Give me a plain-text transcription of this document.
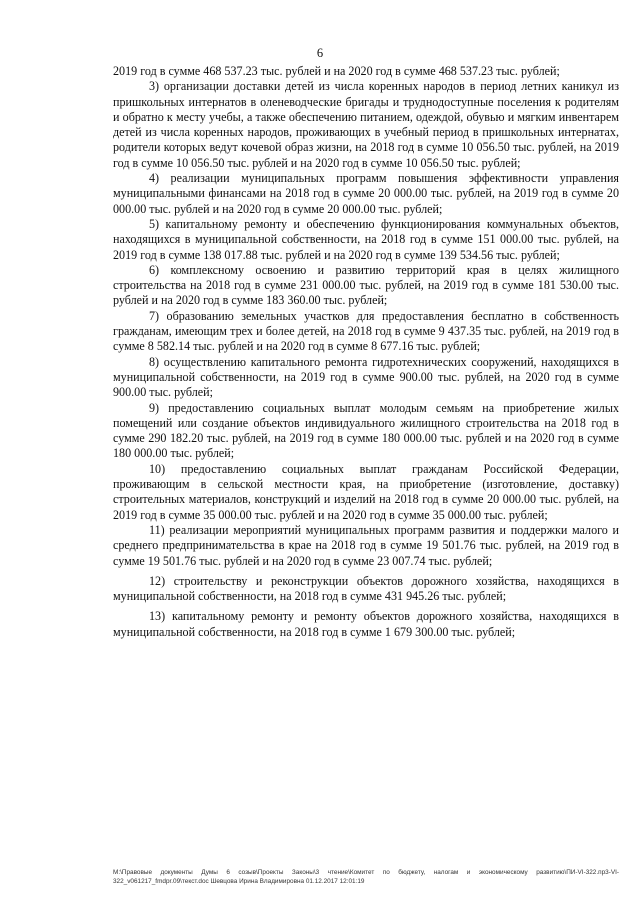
6

2019 год в сумме 468 537.23 тыс. рублей и на 2020 год в сумме 468 537.23 тыс. рублей;

3) организации доставки детей из числа коренных народов в период летних каникул из пришкольных интернатов в оленеводческие бригады и труднодоступные поселения к родителям и обратно к месту учебы, а также обеспечению питанием, одеждой, обувью и мягким инвентарем детей из числа коренных народов, проживающих в учебный период в пришкольных интернатах, родители которых ведут кочевой образ жизни, на 2018 год в сумме 10 056.50 тыс. рублей, на 2019 год в сумме 10 056.50 тыс. рублей и на 2020 год в сумме 10 056.50 тыс. рублей;

4) реализации муниципальных программ повышения эффективности управления муниципальными финансами на 2018 год в сумме 20 000.00 тыс. рублей, на 2019 год в сумме 20 000.00 тыс. рублей и на 2020 год в сумме 20 000.00 тыс. рублей;

5) капитальному ремонту и обеспечению функционирования коммунальных объектов, находящихся в муниципальной собственности, на 2018 год в сумме 151 000.00 тыс. рублей, на 2019 год в сумме 138 017.88 тыс. рублей и на 2020 год в сумме 139 534.56 тыс. рублей;

6) комплексному освоению и развитию территорий края в целях жилищного строительства на 2018 год в сумме 231 000.00 тыс. рублей, на 2019 год в сумме 181 530.00 тыс. рублей и на 2020 год в сумме 183 360.00 тыс. рублей;

7) образованию земельных участков для предоставления бесплатно в собственность гражданам, имеющим трех и более детей, на 2018 год в сумме 9 437.35 тыс. рублей, на 2019 год в сумме 8 582.14 тыс. рублей и на 2020 год в сумме 8 677.16 тыс. рублей;

8) осуществлению капитального ремонта гидротехнических сооружений, находящихся в муниципальной собственности, на 2019 год в сумме 900.00 тыс. рублей, на 2020 год в сумме 900.00 тыс. рублей;

9) предоставлению социальных выплат молодым семьям на приобретение жилых помещений или создание объектов индивидуального жилищного строительства на 2018 год в сумме 290 182.20 тыс. рублей, на 2019 год в сумме 180 000.00 тыс. рублей и на 2020 год в сумме 180 000.00 тыс. рублей;

10) предоставлению социальных выплат гражданам Российской Федерации, проживающим в сельской местности края, на приобретение (изготовление, доставку) строительных материалов, конструкций и изделий на 2018 год в сумме 20 000.00 тыс. рублей, на 2019 год в сумме 35 000.00 тыс. рублей и на 2020 год в сумме 35 000.00 тыс. рублей;

11) реализации мероприятий муниципальных программ развития и поддержки малого и среднего предпринимательства в крае на 2018 год в сумме 19 501.76 тыс. рублей, на 2019 год в сумме 19 501.76 тыс. рублей и на 2020 год в сумме 23 007.74 тыс. рублей;

12) строительству и реконструкции объектов дорожного хозяйства, находящихся в муниципальной собственности, на 2018 год в сумме 431 945.26 тыс. рублей;

13) капитальному ремонту и ремонту объектов дорожного хозяйства, находящихся в муниципальной собственности, на 2018 год в сумме 1 679 300.00 тыс. рублей;

М:\Правовые документы Думы 6 созыв\Проекты Законы\3 чтение\Комитет по бюджету, налогам и экономическому развитию\ПИ-VI-322.пр3-VI-322_v061217_fmdpr.09\текст.doc Шевцова Ирина Владимировна 01.12.2017 12:01:19
